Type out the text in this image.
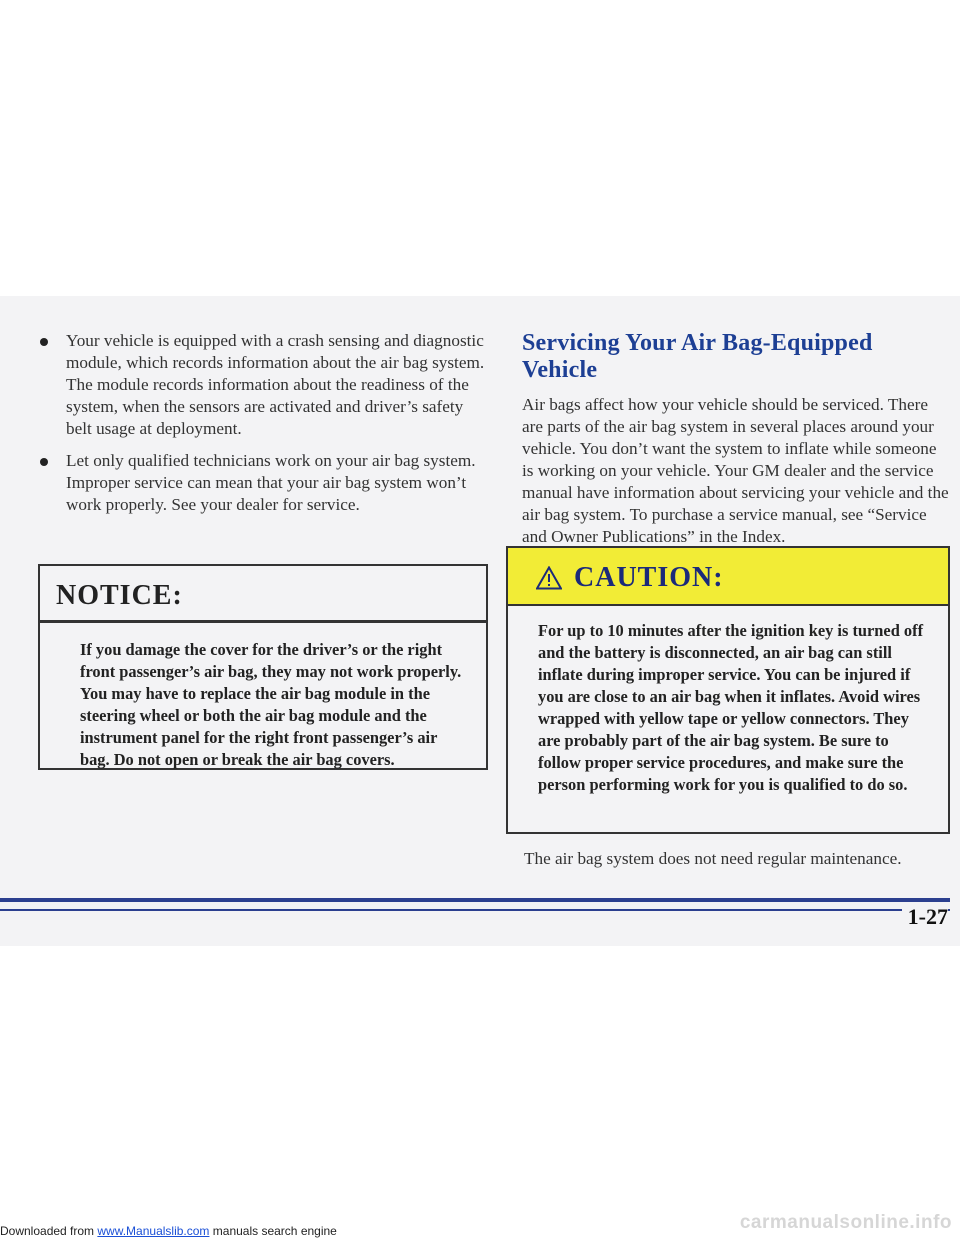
Your vehicle is equipped with a crash sensing and diagnostic module, which records information about the air bag system. The module records information about the readiness of the system, when the sensors are activated and driver’s safety belt usage at deployment.
Let only qualified technicians work on your air bag system. Improper service can mean that your air bag system won’t work properly. See your dealer for service.
NOTICE:
If you damage the cover for the driver’s or the right front passenger’s air bag, they may not work properly. You may have to replace the air bag module in the steering wheel or both the air bag module and the instrument panel for the right front passenger’s air bag. Do not open or break the air bag covers.
Servicing Your Air Bag-Equipped Vehicle

Air bags affect how your vehicle should be serviced. There are parts of the air bag system in several places around your vehicle. You don’t want the system to inflate while someone is working on your vehicle. Your GM dealer and the service manual have information about servicing your vehicle and the air bag system. To purchase a service manual, see “Service and Owner Publications” in the Index.

CAUTION:
For up to 10 minutes after the ignition key is turned off and the battery is disconnected, an air bag can still inflate during improper service. You can be injured if you are close to an air bag when it inflates. Avoid wires wrapped with yellow tape or yellow connectors. They are probably part of the air bag system. Be sure to follow proper service procedures, and make sure the person performing work for you is qualified to do so.
The air bag system does not need regular maintenance.
1-27
Downloaded from www.Manualslib.com manuals search engine	carmanualsonline.info
